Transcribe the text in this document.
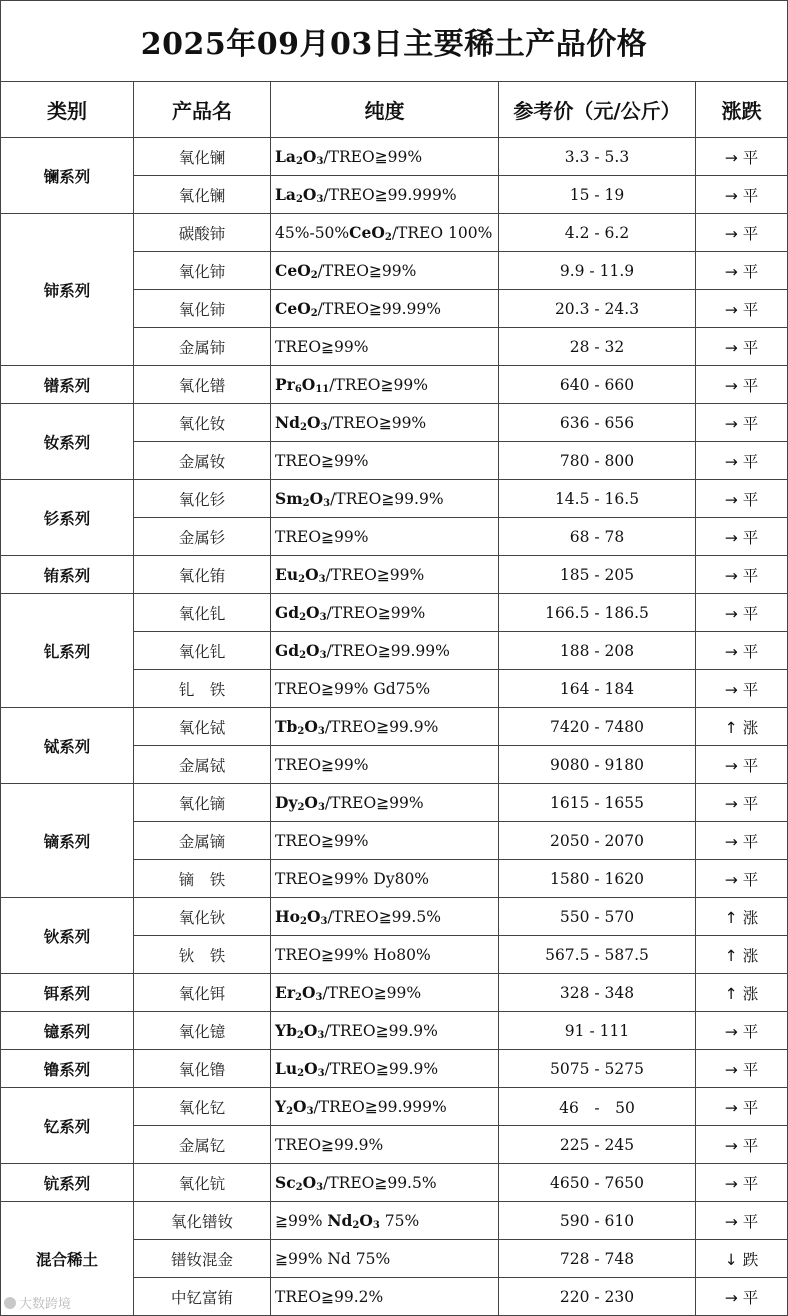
2025年09月03日主要稀土产品价格				
类别	产品名	纯度	参考价（元/公斤）	涨跌
镧系列	氧化镧	$La_2O_3/TREO≧99\%$	3.3 - 5.3	→ 平
	氧化镧	$La_2O_3/TREO≧99.999\%$	15 - 19	→ 平
铈系列	碳酸铈	45%-50%CeO$_2$/TREO 100%	4.2 - 6.2	→ 平
	氧化铈	CeO$_2$/TREO≧99%	9.9 - 11.9	→ 平
	氧化铈	CeO$_2$/TREO≧99.99%	20.3 - 24.3	→ 平
	金属铈	TREO≧99%	28 - 32	→ 平
镨系列	氧化镨	$Pr_6O_{11}/TREO≧99\%$	640 - 660	→ 平
钕系列	氧化钕	$Nd_2O_3/TREO≧99\%$	636 - 656	→ 平
	金属钕	TREO≧99%	780 - 800	→ 平
钐系列	氧化钐	$Sm_2O_3/TREO≧99.9\%$	14.5 - 16.5	→ 平
	金属钐	TREO≧99%	68 - 78	→ 平
铕系列	氧化铕	$Eu_2O_3/TREO≧99\%$	185 - 205	→ 平
钆系列	氧化钆	$Gd_2O_3/TREO≧99\%$	166.5 - 186.5	→ 平
	氧化钆	$Gd_2O_3/TREO≧99.99\%$	188 - 208	→ 平
	钆　铁	TREO≧99% Gd75%	164 - 184	→ 平
铽系列	氧化铽	$Tb_2O_3/TREO≧99.9\%$	7420 - 7480	↑ 涨
	金属铽	TREO≧99%	9080 - 9180	→ 平
镝系列	氧化镝	$Dy_2O_3/TREO≧99\%$	1615 - 1655	→ 平
	金属镝	TREO≧99%	2050 - 2070	→ 平
	镝　铁	TREO≧99% Dy80%	1580 - 1620	→ 平
钬系列	氧化钬	$Ho_2O_3/TREO≧99.5\%$	550 - 570	↑ 涨
	钬　铁	TREO≧99% Ho80%	567.5 - 587.5	↑ 涨
铒系列	氧化铒	$Er_2O_3/TREO≧99\%$	328 - 348	↑ 涨
镱系列	氧化镱	$Yb_2O_3/TREO≧99.9\%$	91 - 111	→ 平
镥系列	氧化镥	$Lu_2O_3/TREO≧99.9\%$	5075 - 5275	→ 平
钇系列	氧化钇	$Y_2O_3/TREO≧99.999\%$	46　-　50	→ 平
	金属钇	TREO≧99.9%	225 - 245	→ 平
钪系列	氧化钪	$Sc_2O_3/TREO≧99.5\%$	4650 - 7650	→ 平
混合稀土	氧化镨钕	≧99% $Nd_2O_3$ 75%	590 - 610	→ 平
	镨钕混金	≧99% Nd 75%	728 - 748	↓ 跌
	中钇富铕	TREO≧99.2%	220 - 230	→ 平
大数跨境
